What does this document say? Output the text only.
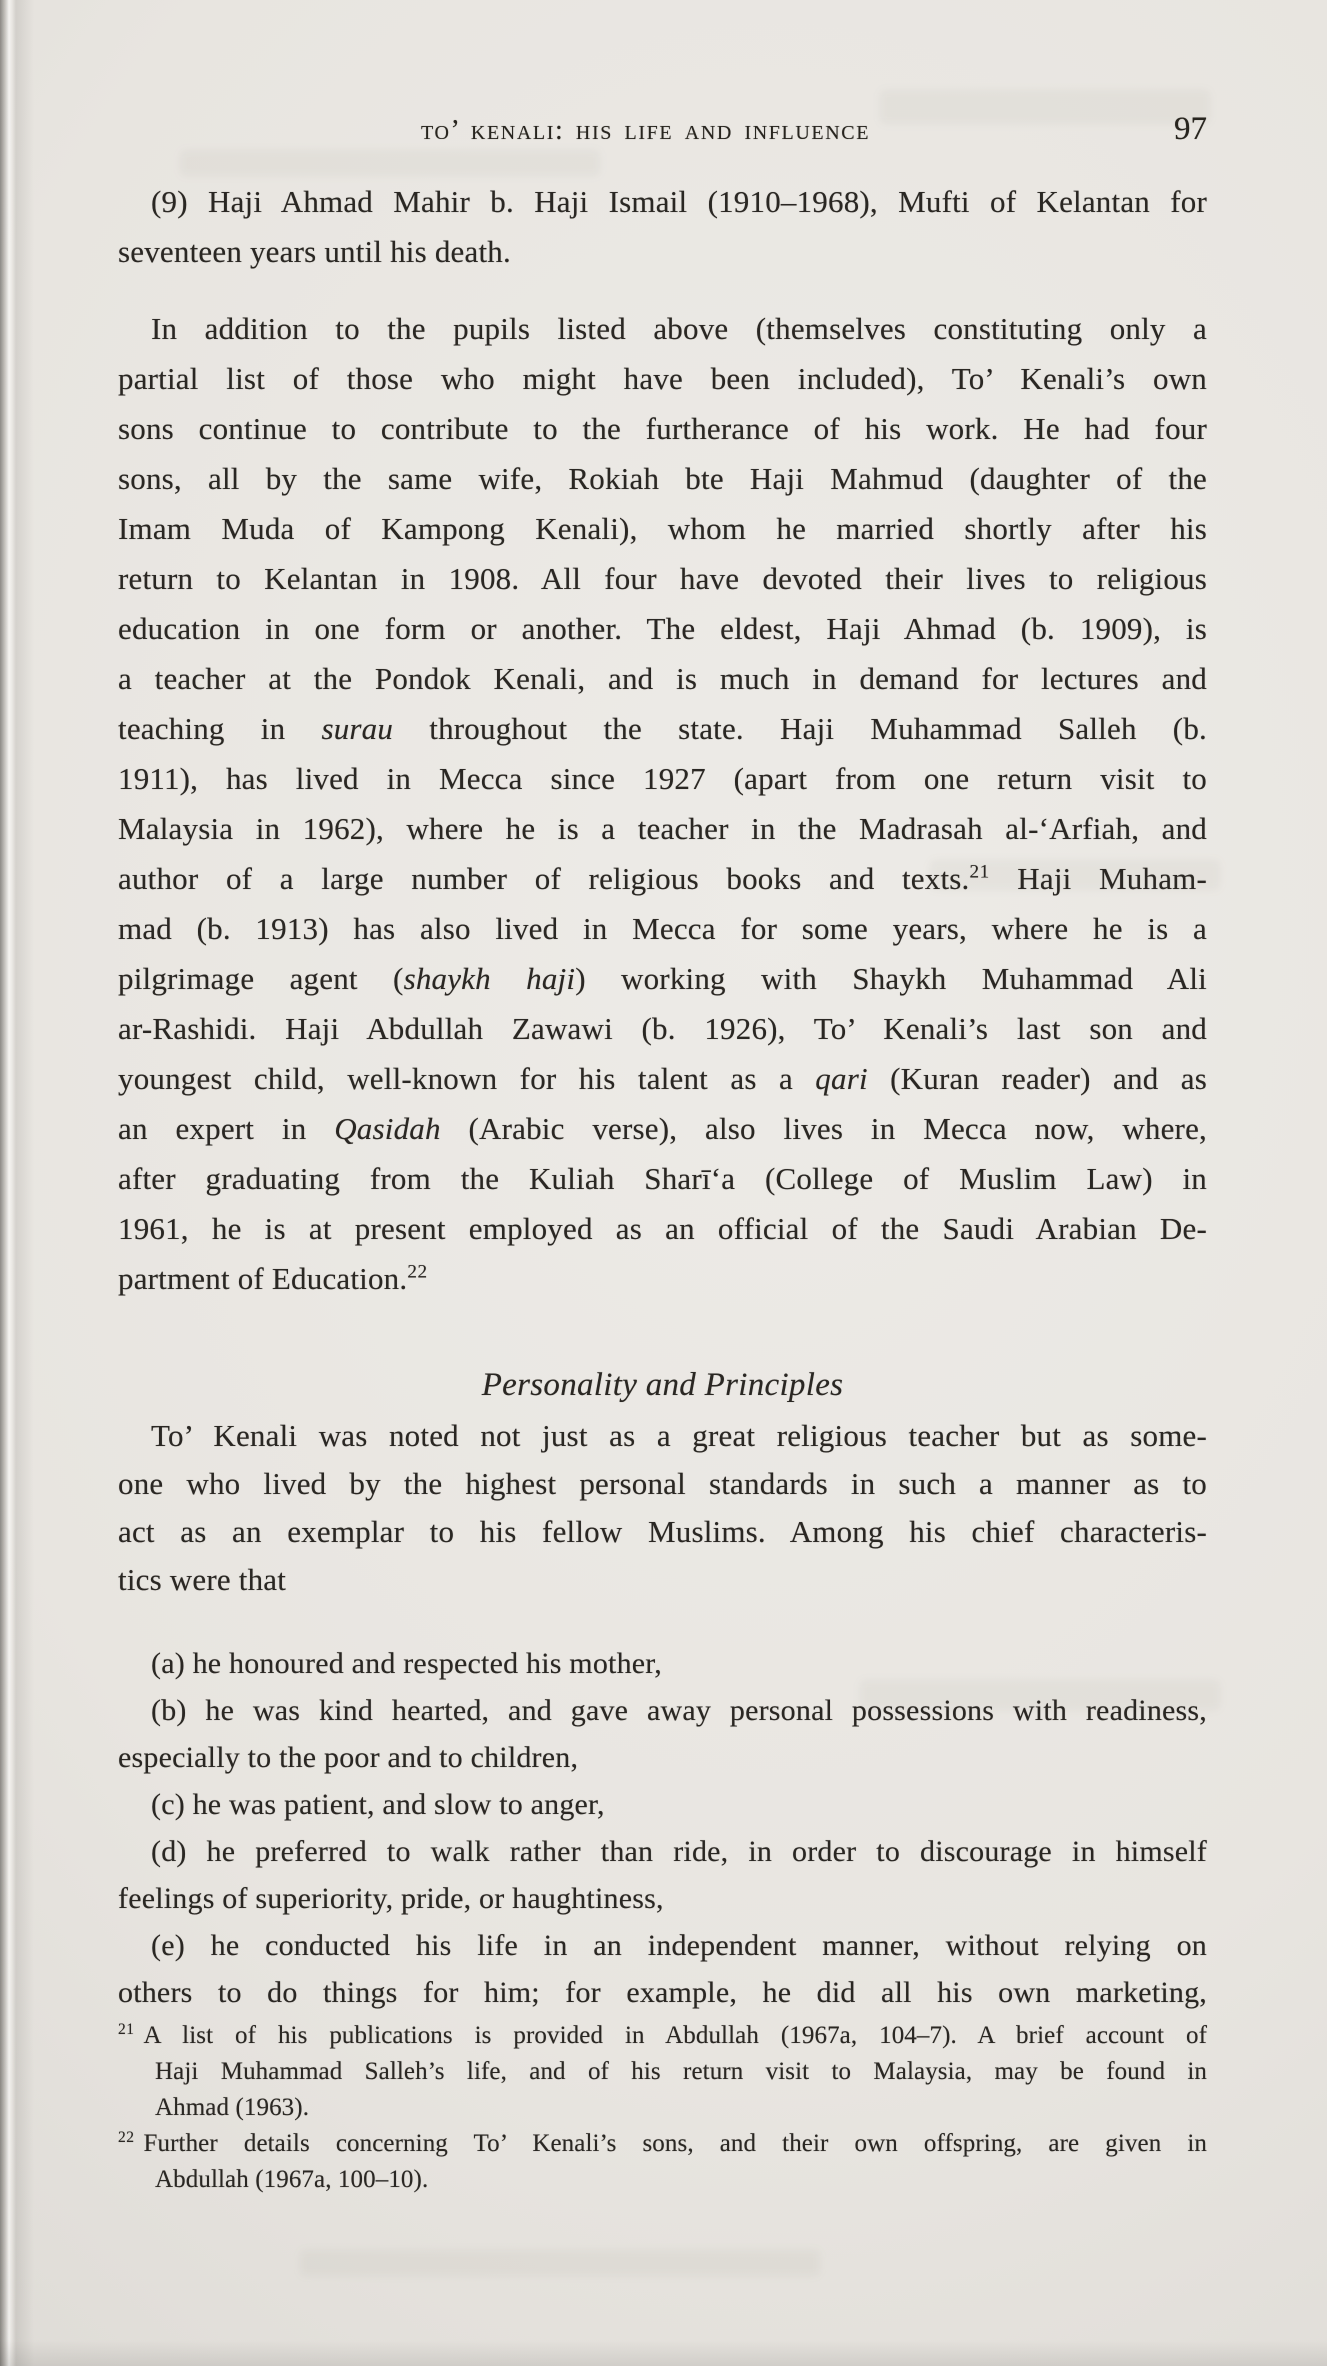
to’ kenali: his life and influence	97
(9) Haji Ahmad Mahir b. Haji Ismail (1910–1968), Mufti of Kelantan for
seventeen years until his death.
In addition to the pupils listed above (themselves constituting only a
partial list of those who might have been included), To’ Kenali’s own
sons continue to contribute to the furtherance of his work. He had four
sons, all by the same wife, Rokiah bte Haji Mahmud (daughter of the
Imam Muda of Kampong Kenali), whom he married shortly after his
return to Kelantan in 1908. All four have devoted their lives to religious
education in one form or another. The eldest, Haji Ahmad (b. 1909), is
a teacher at the Pondok Kenali, and is much in demand for lectures and
teaching in surau throughout the state. Haji Muhammad Salleh (b.
1911), has lived in Mecca since 1927 (apart from one return visit to
Malaysia in 1962), where he is a teacher in the Madrasah al-‘Arfiah, and
author of a large number of religious books and texts.$^{21}$ Haji Muham-
mad (b. 1913) has also lived in Mecca for some years, where he is a
pilgrimage agent (shaykh haji) working with Shaykh Muhammad Ali
ar-Rashidi. Haji Abdullah Zawawi (b. 1926), To’ Kenali’s last son and
youngest child, well-known for his talent as a qari (Kuran reader) and as
an expert in Qasidah (Arabic verse), also lives in Mecca now, where,
after graduating from the Kuliah Sharī‘a (College of Muslim Law) in
1961, he is at present employed as an official of the Saudi Arabian De-
partment of Education.$^{22}$
Personality and Principles
To’ Kenali was noted not just as a great religious teacher but as some-
one who lived by the highest personal standards in such a manner as to
act as an exemplar to his fellow Muslims. Among his chief characteris-
tics were that
(a) he honoured and respected his mother,
(b) he was kind hearted, and gave away personal possessions with readiness,
especially to the poor and to children,
(c) he was patient, and slow to anger,
(d) he preferred to walk rather than ride, in order to discourage in himself
feelings of superiority, pride, or haughtiness,
(e) he conducted his life in an independent manner, without relying on
others to do things for him; for example, he did all his own marketing,
$^{21}$ A list of his publications is provided in Abdullah (1967a, 104–7). A brief account of
Haji Muhammad Salleh’s life, and of his return visit to Malaysia, may be found in
Ahmad (1963).
$^{22}$ Further details concerning To’ Kenali’s sons, and their own offspring, are given in
Abdullah (1967a, 100–10).
